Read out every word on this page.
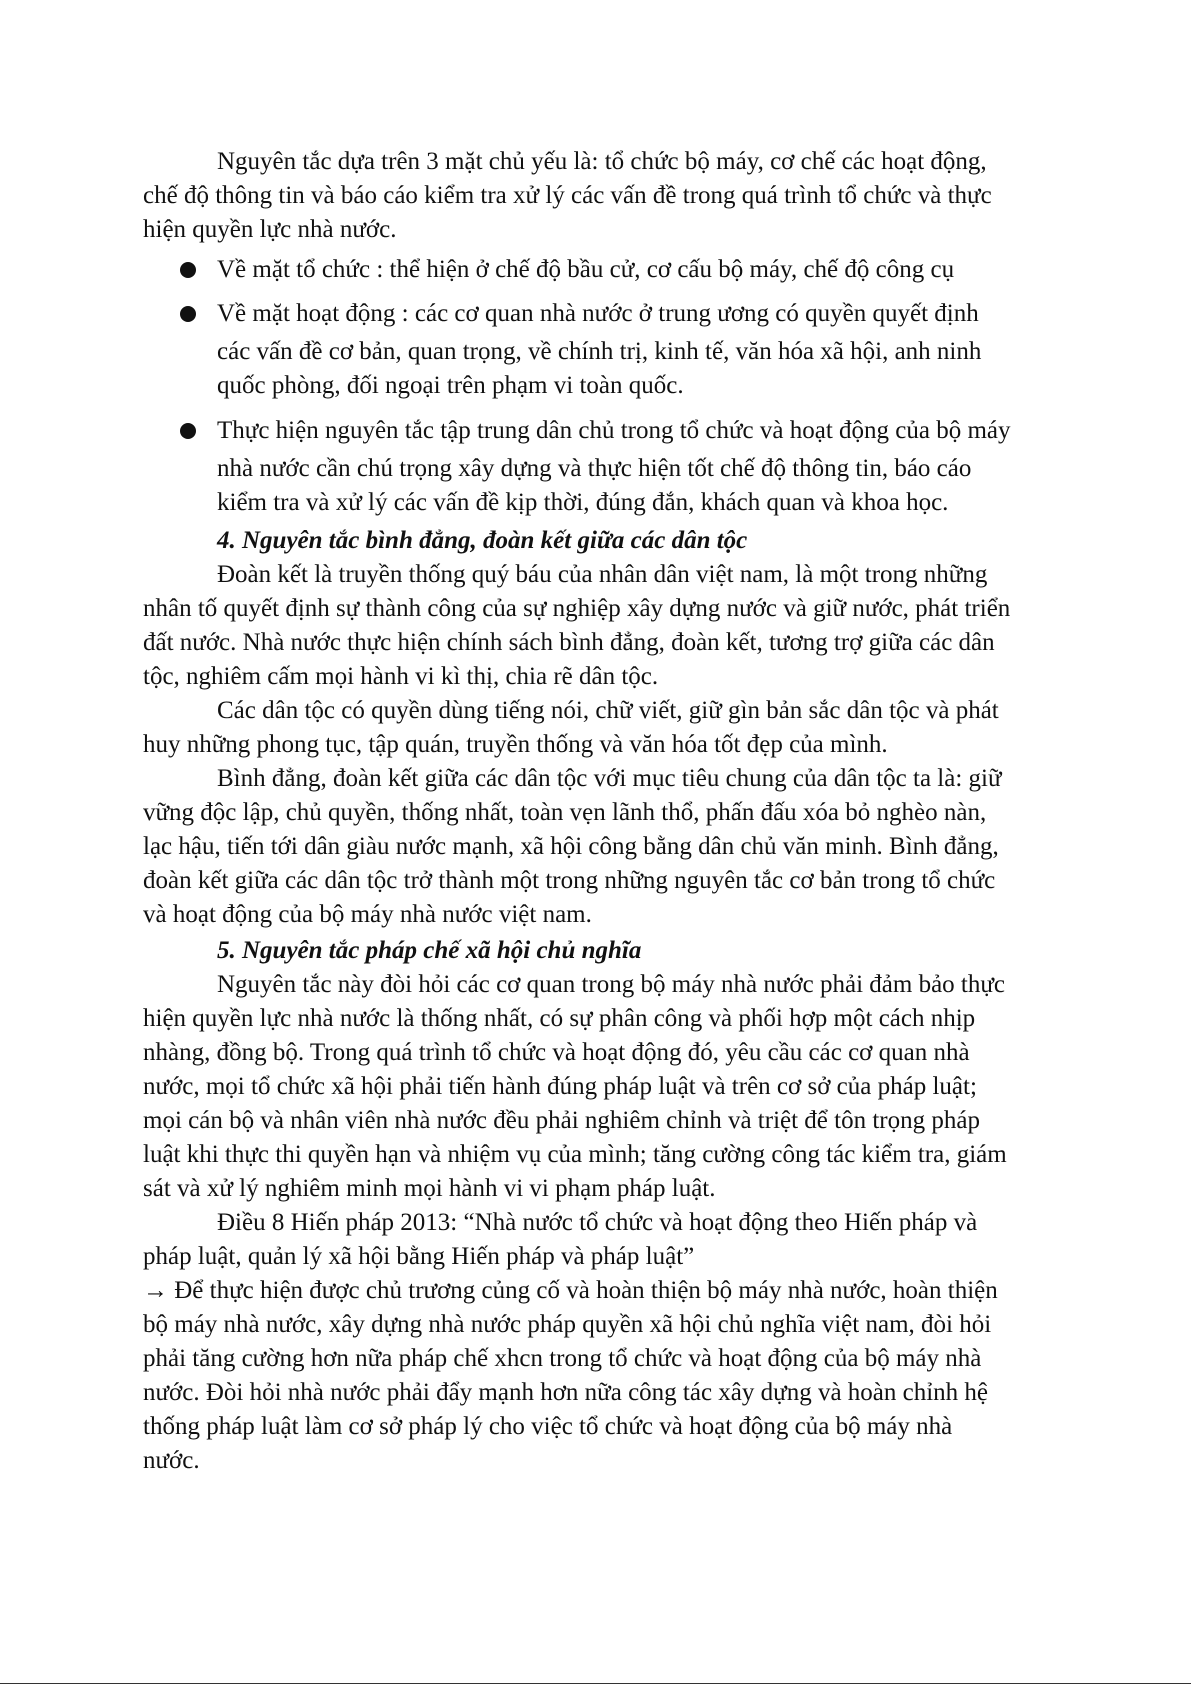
Nguyên tắc dựa trên 3 mặt chủ yếu là: tổ chức bộ máy, cơ chế các hoạt động,
chế độ thông tin và báo cáo kiểm tra xử lý các vấn đề trong quá trình tổ chức và thực
hiện quyền lực nhà nước.
Về mặt tổ chức : thể hiện ở chế độ bầu cử, cơ cấu bộ máy, chế độ công cụ
Về mặt hoạt động : các cơ quan nhà nước ở trung ương có quyền quyết định
các vấn đề cơ bản, quan trọng, về chính trị, kinh tế, văn hóa xã hội, anh ninh
quốc phòng, đối ngoại trên phạm vi toàn quốc.
Thực hiện nguyên tắc tập trung dân chủ trong tổ chức và hoạt động của bộ máy
nhà nước cần chú trọng xây dựng và thực hiện tốt chế độ thông tin, báo cáo
kiểm tra và xử lý các vấn đề kịp thời, đúng đắn, khách quan và khoa học.
4. Nguyên tắc bình đẳng, đoàn kết giữa các dân tộc
Đoàn kết là truyền thống quý báu của nhân dân việt nam, là một trong những
nhân tố quyết định sự thành công của sự nghiệp xây dựng nước và giữ nước, phát triển
đất nước. Nhà nước thực hiện chính sách bình đẳng, đoàn kết, tương trợ giữa các dân
tộc, nghiêm cấm mọi hành vi kì thị, chia rẽ dân tộc.
Các dân tộc có quyền dùng tiếng nói, chữ viết, giữ gìn bản sắc dân tộc và phát
huy những phong tục, tập quán, truyền thống và văn hóa tốt đẹp của mình.
Bình đẳng, đoàn kết giữa các dân tộc với mục tiêu chung của dân tộc ta là: giữ
vững độc lập, chủ quyền, thống nhất, toàn vẹn lãnh thổ, phấn đấu xóa bỏ nghèo nàn,
lạc hậu, tiến tới dân giàu nước mạnh, xã hội công bằng dân chủ văn minh. Bình đẳng,
đoàn kết giữa các dân tộc trở thành một trong những nguyên tắc cơ bản trong tổ chức
và hoạt động của bộ máy nhà nước việt nam.
5. Nguyên tắc pháp chế xã hội chủ nghĩa
Nguyên tắc này đòi hỏi các cơ quan trong bộ máy nhà nước phải đảm bảo thực
hiện quyền lực nhà nước là thống nhất, có sự phân công và phối hợp một cách nhịp
nhàng, đồng bộ. Trong quá trình tổ chức và hoạt động đó, yêu cầu các cơ quan nhà
nước, mọi tổ chức xã hội phải tiến hành đúng pháp luật và trên cơ sở của pháp luật;
mọi cán bộ và nhân viên nhà nước đều phải nghiêm chỉnh và triệt để tôn trọng pháp
luật khi thực thi quyền hạn và nhiệm vụ của mình; tăng cường công tác kiểm tra, giám
sát và xử lý nghiêm minh mọi hành vi vi phạm pháp luật.
Điều 8 Hiến pháp 2013: “Nhà nước tổ chức và hoạt động theo Hiến pháp và
pháp luật, quản lý xã hội bằng Hiến pháp và pháp luật”
→ Để thực hiện được chủ trương củng cố và hoàn thiện bộ máy nhà nước, hoàn thiện
bộ máy nhà nước, xây dựng nhà nước pháp quyền xã hội chủ nghĩa việt nam, đòi hỏi
phải tăng cường hơn nữa pháp chế xhcn trong tổ chức và hoạt động của bộ máy nhà
nước. Đòi hỏi nhà nước phải đẩy mạnh hơn nữa công tác xây dựng và hoàn chỉnh hệ
thống pháp luật làm cơ sở pháp lý cho việc tổ chức và hoạt động của bộ máy nhà
nước.
